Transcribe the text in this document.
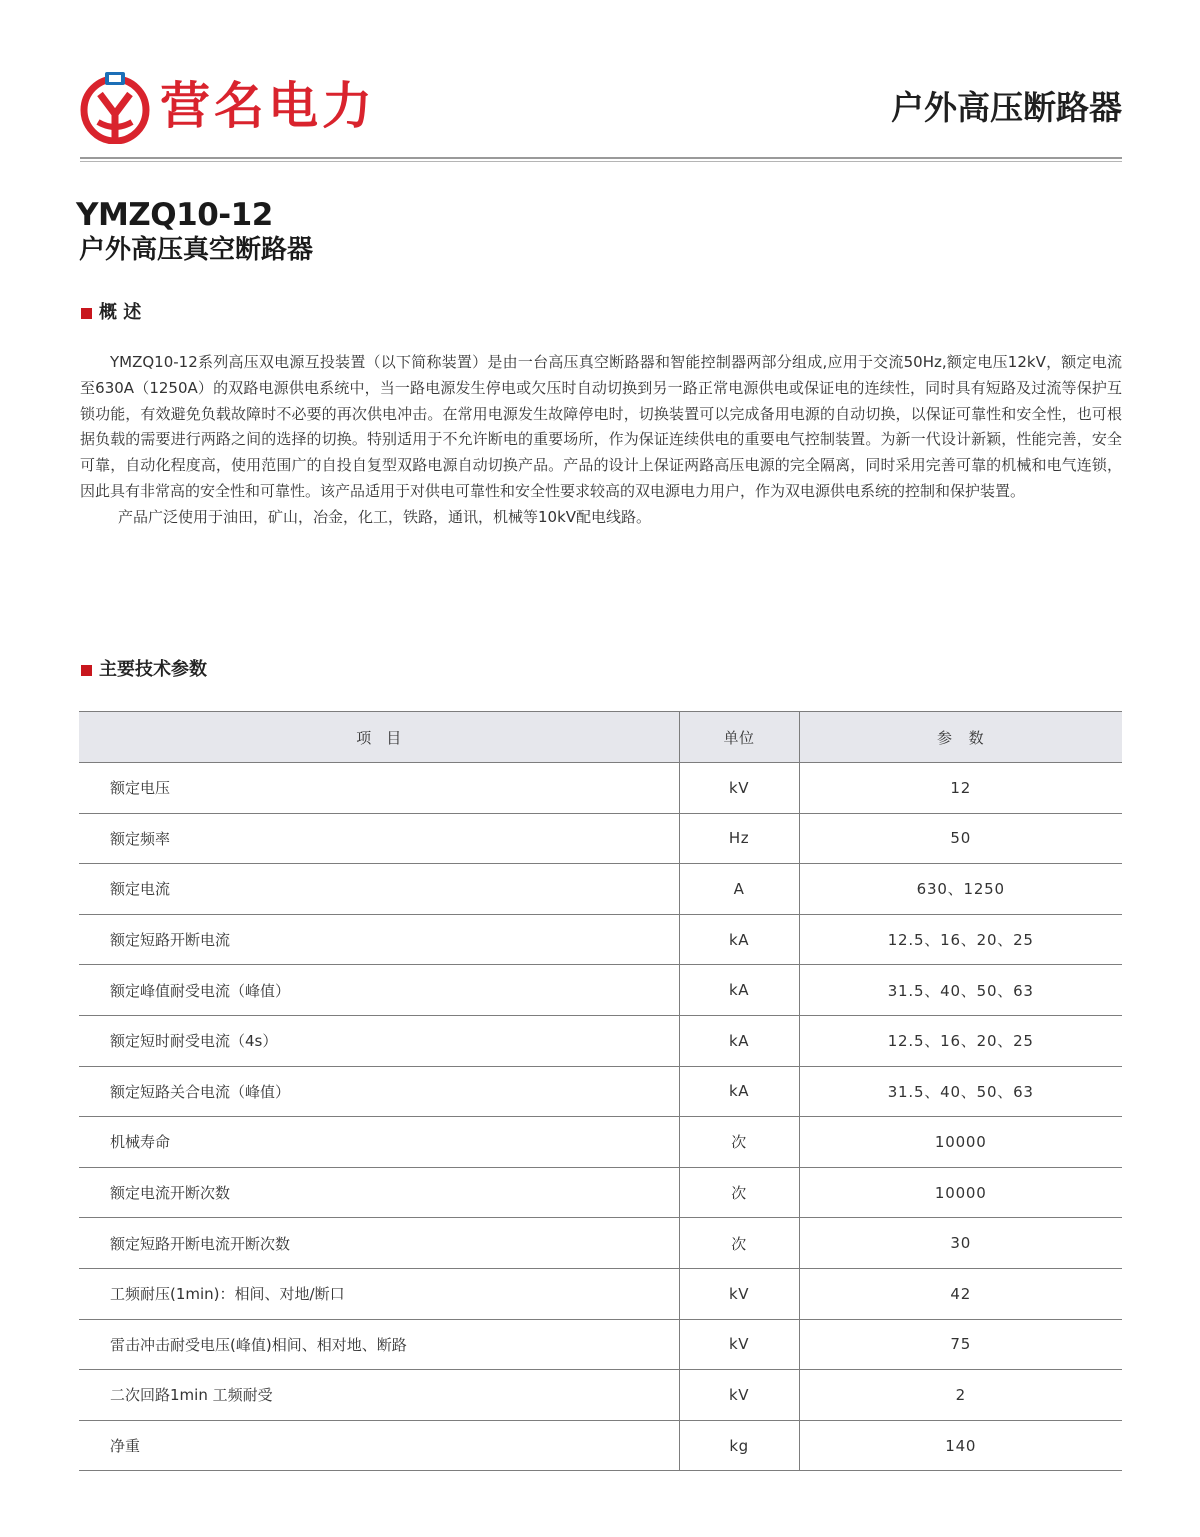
营名电力	户外高压断路器
YMZQ10-12
户外高压真空断路器
概 述

YMZQ10-12系列高压双电源互投装置（以下简称装置）是由一台高压真空断路器和智能控制器两部分组成,应用于交流50Hz,额定电压12kV，额定电流至630A（1250A）的双路电源供电系统中，当一路电源发生停电或欠压时自动切换到另一路正常电源供电或保证电的连续性，同时具有短路及过流等保护互锁功能，有效避免负载故障时不必要的再次供电冲击。在常用电源发生故障停电时，切换装置可以完成备用电源的自动切换，以保证可靠性和安全性，也可根据负载的需要进行两路之间的选择的切换。特别适用于不允许断电的重要场所，作为保证连续供电的重要电气控制装置。为新一代设计新颖，性能完善，安全可靠，自动化程度高，使用范围广的自投自复型双路电源自动切换产品。产品的设计上保证两路高压电源的完全隔离，同时采用完善可靠的机械和电气连锁，因此具有非常高的安全性和可靠性。该产品适用于对供电可靠性和安全性要求较高的双电源电力用户，作为双电源供电系统的控制和保护装置。

产品广泛使用于油田，矿山，冶金，化工，铁路，通讯，机械等10kV配电线路。

主要技术参数
项　目	单位	参　数
额定电压	kV	12
额定频率	Hz	50
额定电流	A	630、1250
额定短路开断电流	kA	12.5、16、20、25
额定峰值耐受电流（峰值）	kA	31.5、40、50、63
额定短时耐受电流（4s）	kA	12.5、16、20、25
额定短路关合电流（峰值）	kA	31.5、40、50、63
机械寿命	次	10000
额定电流开断次数	次	10000
额定短路开断电流开断次数	次	30
工频耐压(1min)：相间、对地/断口	kV	42
雷击冲击耐受电压(峰值)相间、相对地、断路	kV	75
二次回路1min 工频耐受	kV	2
净重	kg	140
